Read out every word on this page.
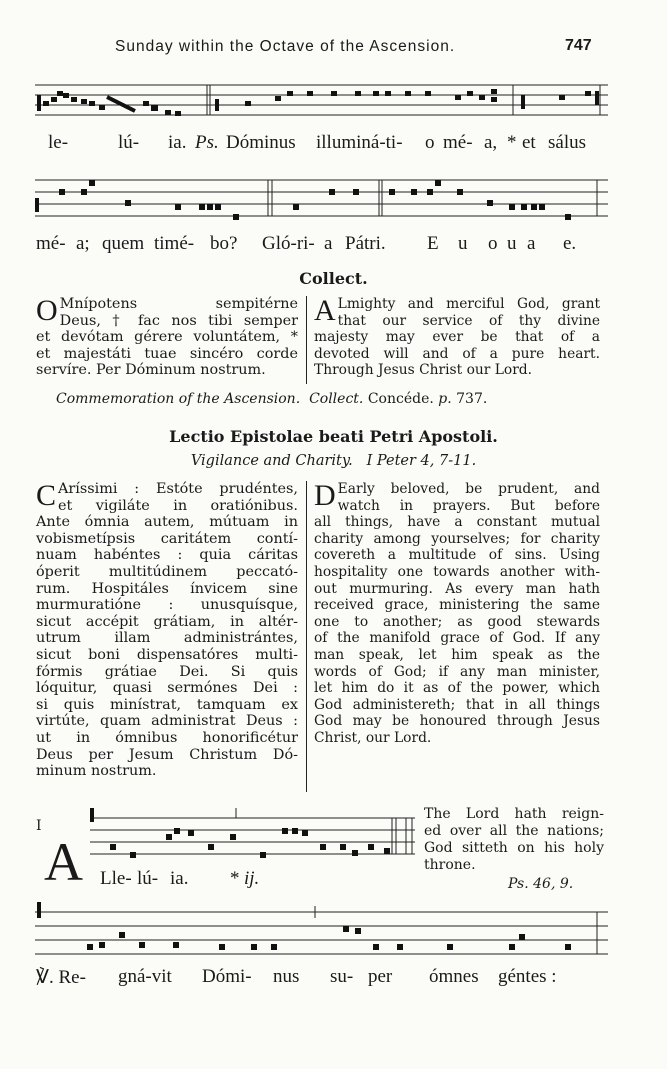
Sunday within the Octave of the Ascension.	747
le-	lú- ia. Ps. Dóminus illuminá-ti- o mé- a, * et sálus
mé- a; quem timé- bo? Gló-ri- a Pátri. E u o u a e.
Collect.
O Mnípotens sempitérne
Deus, † fac nos tibi semper
et devótam gérere voluntátem, *
et majestáti tuae sincéro corde
servíre. Per Dóminum nostrum.
A Lmighty and merciful God, grant
that our service of thy divine
majesty may ever be that of a
devoted will and of a pure heart.
Through Jesus Christ our Lord.
Commemoration of the Ascension. Collect. Concéde. p. 737.
Lectio Epistolae beati Petri Apostoli.
Vigilance and Charity. I Peter 4, 7-11.
C Aríssimi : Estóte prudéntes,
et vigiláte in oratiónibus.
Ante ómnia autem, mútuam in
vobismetípsis caritátem contí-
nuam habéntes : quia cáritas
óperit multitúdinem peccató-
rum. Hospitáles ínvicem sine
murmuratióne : unusquísque,
sicut accépit grátiam, in altér-
utrum illam administrántes,
sicut boni dispensatóres multi-
fórmis grátiae Dei. Si quis
lóquitur, quasi sermónes Dei :
si quis minístrat, tamquam ex
virtúte, quam administrat Deus :
ut in ómnibus honorificétur
Deus per Jesum Christum Dó-
minum nostrum.
D Early beloved, be prudent, and
watch in prayers. But before
all things, have a constant mutual
charity among yourselves; for charity
covereth a multitude of sins. Using
hospitality one towards another with-
out murmuring. As every man hath
received grace, ministering the same
one to another; as good stewards
of the manifold grace of God. If any
man speak, let him speak as the
words of God; if any man minister,
let him do it as of the power, which
God administereth; that in all things
God may be honoured through Jesus
Christ, our Lord.
I
A Lle- lú- ia. * ij.
The Lord hath reign-
ed over all the nations;
God sitteth on his holy
throne.
Ps. 46, 9.
℣. Re- gná-vit Dómi- nus su- per ómnes géntes :
